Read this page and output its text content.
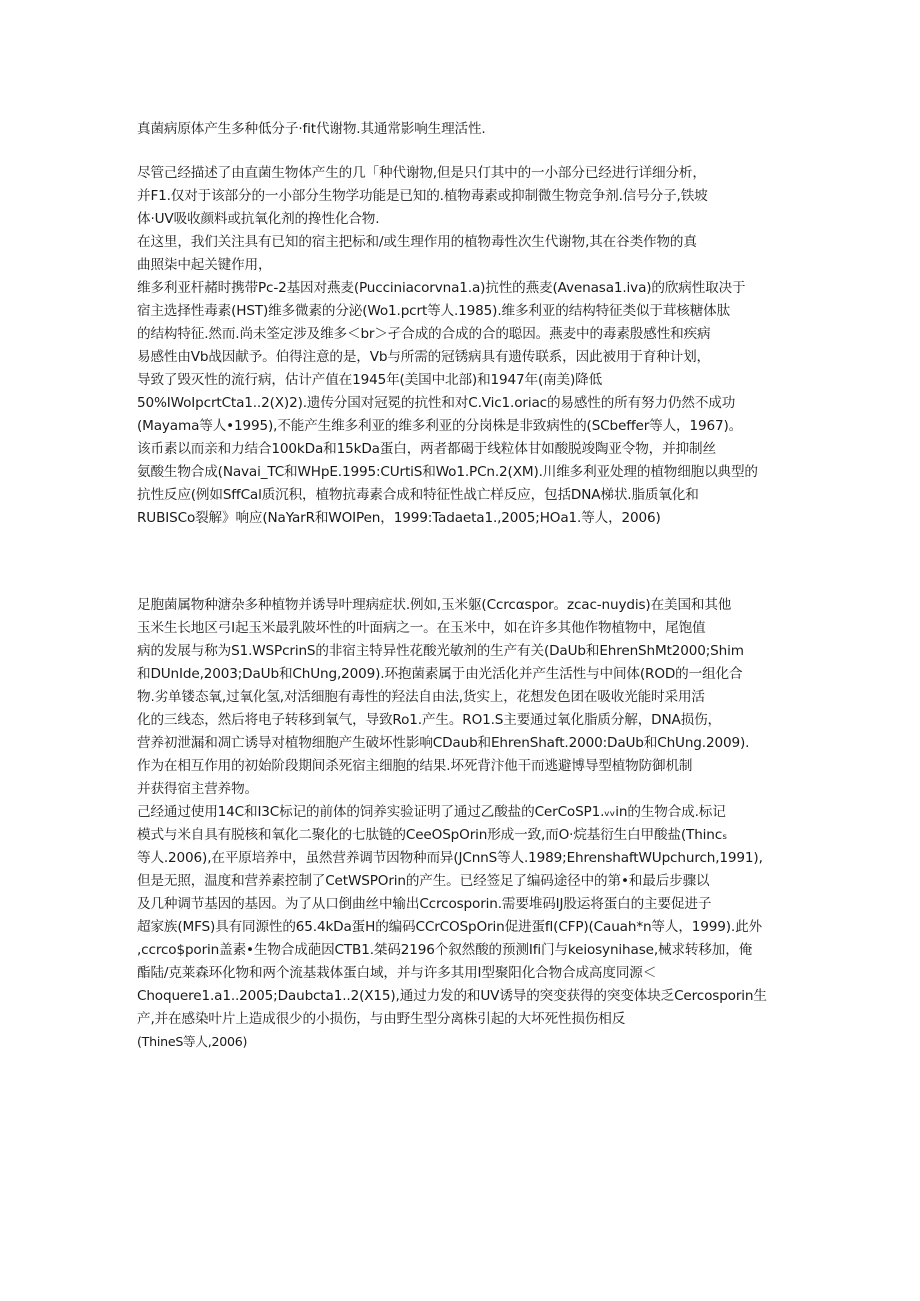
真菌病原体产生多种低分子·fit代谢物.其通常影响生理活性.
尽管己经描述了由直菌生物体产生的几「种代谢物,但是只仃其中的一小部分已经进行详细分析，
并F1.仅对于该部分的一小部分生物学功能是已知的.植物毒素或抑制微生物竞争剂.信号分子,铁坡
体·UV吸收颜料或抗氧化剂的搀性化合物.
在这里，我们关注具有已知的宿主把标和/或生理作用的植物毒性次生代谢物,其在谷类作物的真
曲照柒中起关键作用，
维多利亚杆赭时携带Pc-2基因对燕麦(Pucciniacorvna1.a)抗性的燕麦(Avenasa1.iva)的欣病性取决于
宿主选择性毒素(HST)维多微素的分泌(Wo1.pcrt等人.1985).维多利亚的结构特征类似于茸核糖体肽
的结构特征.然而.尚未筌定涉及维多＜br＞孑合成的合成的合的聪因。燕麦中的毒素殷感性和疾病
易感性由Vb战因献予。伯得注意的是，Vb与所需的冠锈病具有遗传联系，因此被用于育种计划，
导致了毁灭性的流行病，估计产值在1945年(美国中北部)和1947年(南美)降低
50%IWoIpcrtCta1..2(X)2).遗传分国对冠冕的抗性和对C.Vic1.oriac的易感性的所有努力仍然不成功
(Mayama等人•1995),不能产生维多利亚的维多利亚的分岗株是非致病性的(SCbeffer等人，1967)。
该币素以而亲和力结合100kDa和15kDa蛋白，两者都碣于线粒体甘如酸脱竣陶亚令物，并抑制丝
氨酸生物合成(Navai_TC和WHpE.1995:CUrtiS和Wo1.PCn.2(XM).川维多利亚处理的植物细胞以典型的
抗性反应(例如SffCal质沉积，植物抗毒素合成和特征性战亡样反应，包括DNA梯状.脂质氧化和
RUBISCo裂解》响应(NaYarR和WOIPen，1999:Tadaeta1.,2005;HOa1.等人，2006)
足胞菌属物种溏杂多种植物并诱导叶理病症状.例如,玉米躯(Ccrcαspor。zcac-nuydis)在美国和其他
玉米生长地区弓I起玉米最乳陂坏性的叶面病之一。在玉米中，如在许多其他作物植物中，尾饱值
病的发展与称为S1.WSPcrinS的非宿主特异性花酸光敏剂的生产有关(DaUb和EhrenShMt2000;Shim
和DUnIde,2003;DaUb和ChUng,2009).环抱菌素属于由光活化并产生活性与中间体(ROD的一组化合
物.劣单镂态氧,过氧化氢,对活细胞有毒性的羟法自由法,货实上，花想发色团在吸收光能时采用活
化的三线态，然后将电子转移到氧气，导致Ro1.产生。RO1.S主要通过氧化脂质分解，DNA损伤，
营养初泄漏和凋亡诱导对植物细胞产生破坏性影响CDaub和EhrenShaft.2000:DaUb和ChUng.2009).
作为在相互作用的初始阶段期间杀死宿主细胞的结果.坏死背汴他干而逃避博导型植物防御机制
并获得宿主营养物。
己经通过使用14C和I3C标记的前体的饲养实验证明了通过乙酸盐的CerCoSP1.ᵥᵥin的生物合成.标记
模式与米自具有脱核和氧化二聚化的七肽链的CeeOSpOrin形成一致,而O·烷基衍生白甲酸盐(Thincₛ
等人.2006),在平原培养中，虽然营养调节因物种而异(JCnnS等人.1989;EhrenshaftWUpchurch,1991),
但是无照，温度和营养素控制了CetWSPOrin的产生。已经签足了编码途径中的第•和最后步骤以
及几种调节基因的基因。为了从口倒曲丝中输出Ccrcosporin.需要堆码IJ股运将蛋白的主要促进子
超家族(MFS)具有同源性的65.4kDa蛋H的编码CCrCOSpOrin促进蛋fl(CFP)(Cauah*n等人，1999).此外
,ccrco$porin盖素•生物合成葩因CTB1.桀码2196个叙然酸的预测Ifi门与keiosynihase,械求转移加，俺
酯陆/克莱森环化物和两个流基栽体蛋白域，并与许多其用I型聚阳化合物合成高度同源＜
Choquere1.a1..2005;Daubcta1..2(X15),通过力发的和UV诱导的突变获得的突变体块乏Cercosporin生
产,并在感染叶片上造成很少的小损伤，与由野生型分离株引起的大坏死性损伤相反
(ThineS等人,2006)
